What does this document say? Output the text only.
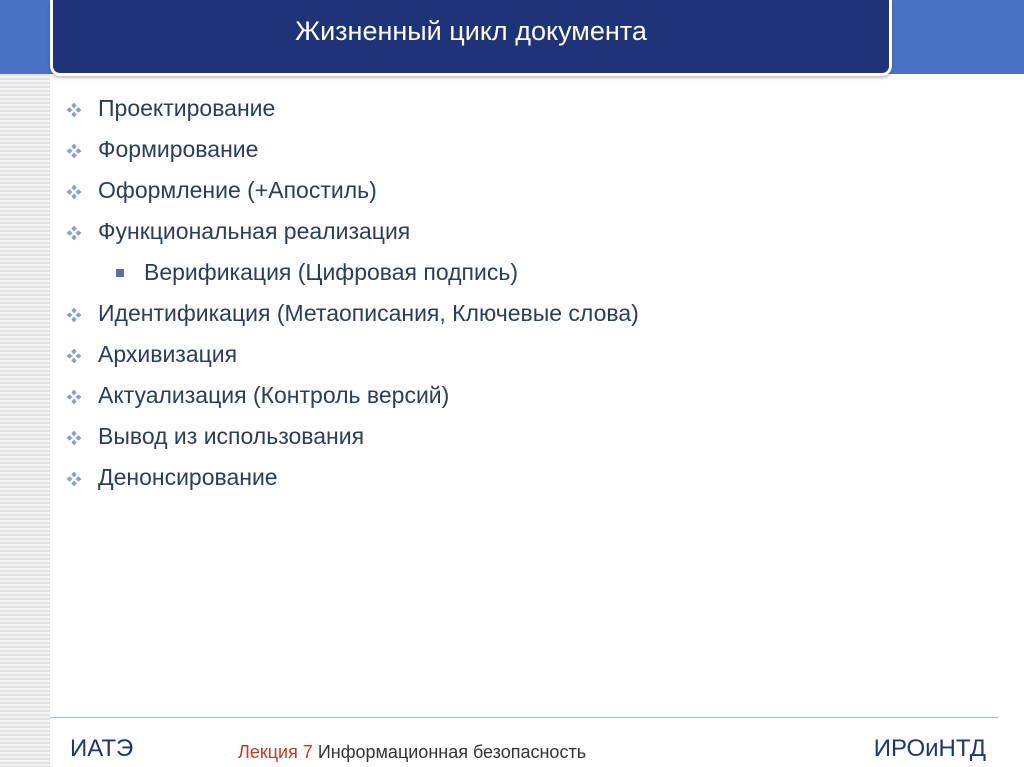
Жизненный цикл документа
Проектирование
Формирование
Оформление (+Апостиль)
Функциональная реализация
Верификация (Цифровая подпись)
Идентификация (Метаописания, Ключевые слова)
Архивизация
Актуализация (Контроль версий)
Вывод из использования
Денонсирование
ИАТЭ	Лекция 7 Информационная безопасность	ИРОиНТД
